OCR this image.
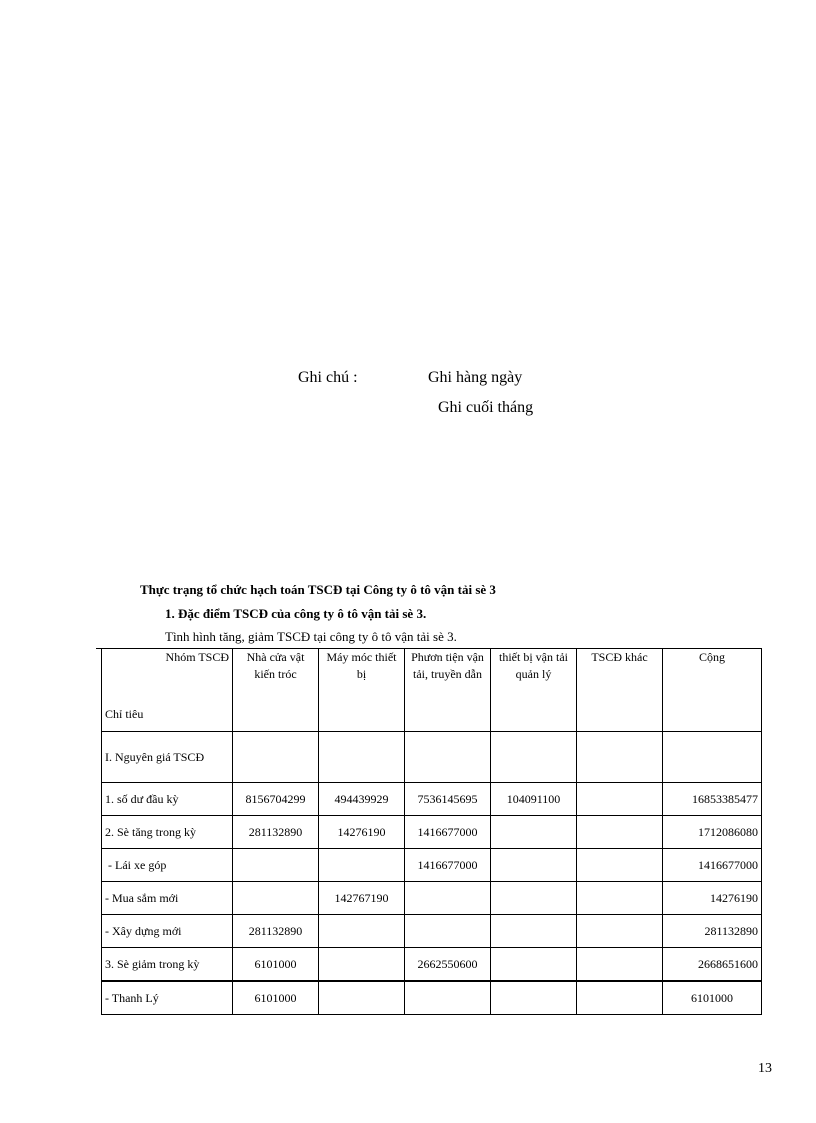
Ghi chú :	Ghi hàng ngày
Ghi cuối tháng
Thực trạng tổ chức hạch toán TSCĐ tại Công ty ô tô vận tải sè 3
1. Đặc điểm TSCĐ của công ty ô tô vận tải sè 3.
Tình hình tăng, giảm TSCĐ tại công ty ô tô vận tải sè 3.
Nhóm TSCĐ
Chỉ tiêu	Nhà cửa vật kiến tróc	Máy móc thiết bị	Phươn tiện vận tải, truyền dẫn	thiết bị vận tải quản lý	TSCĐ khác	Cộng
I. Nguyên giá TSCĐ						
1. số dư đầu kỳ	8156704299	494439929	7536145695	104091100		16853385477
2. Sè tăng trong kỳ	281132890	14276190	1416677000			1712086080
- Lái xe góp			1416677000			1416677000
- Mua sắm mới		142767190				14276190
- Xây dựng mới	281132890					281132890
3. Sè giảm trong kỳ	6101000		2662550600			2668651600
- Thanh Lý	6101000					6101000
13
